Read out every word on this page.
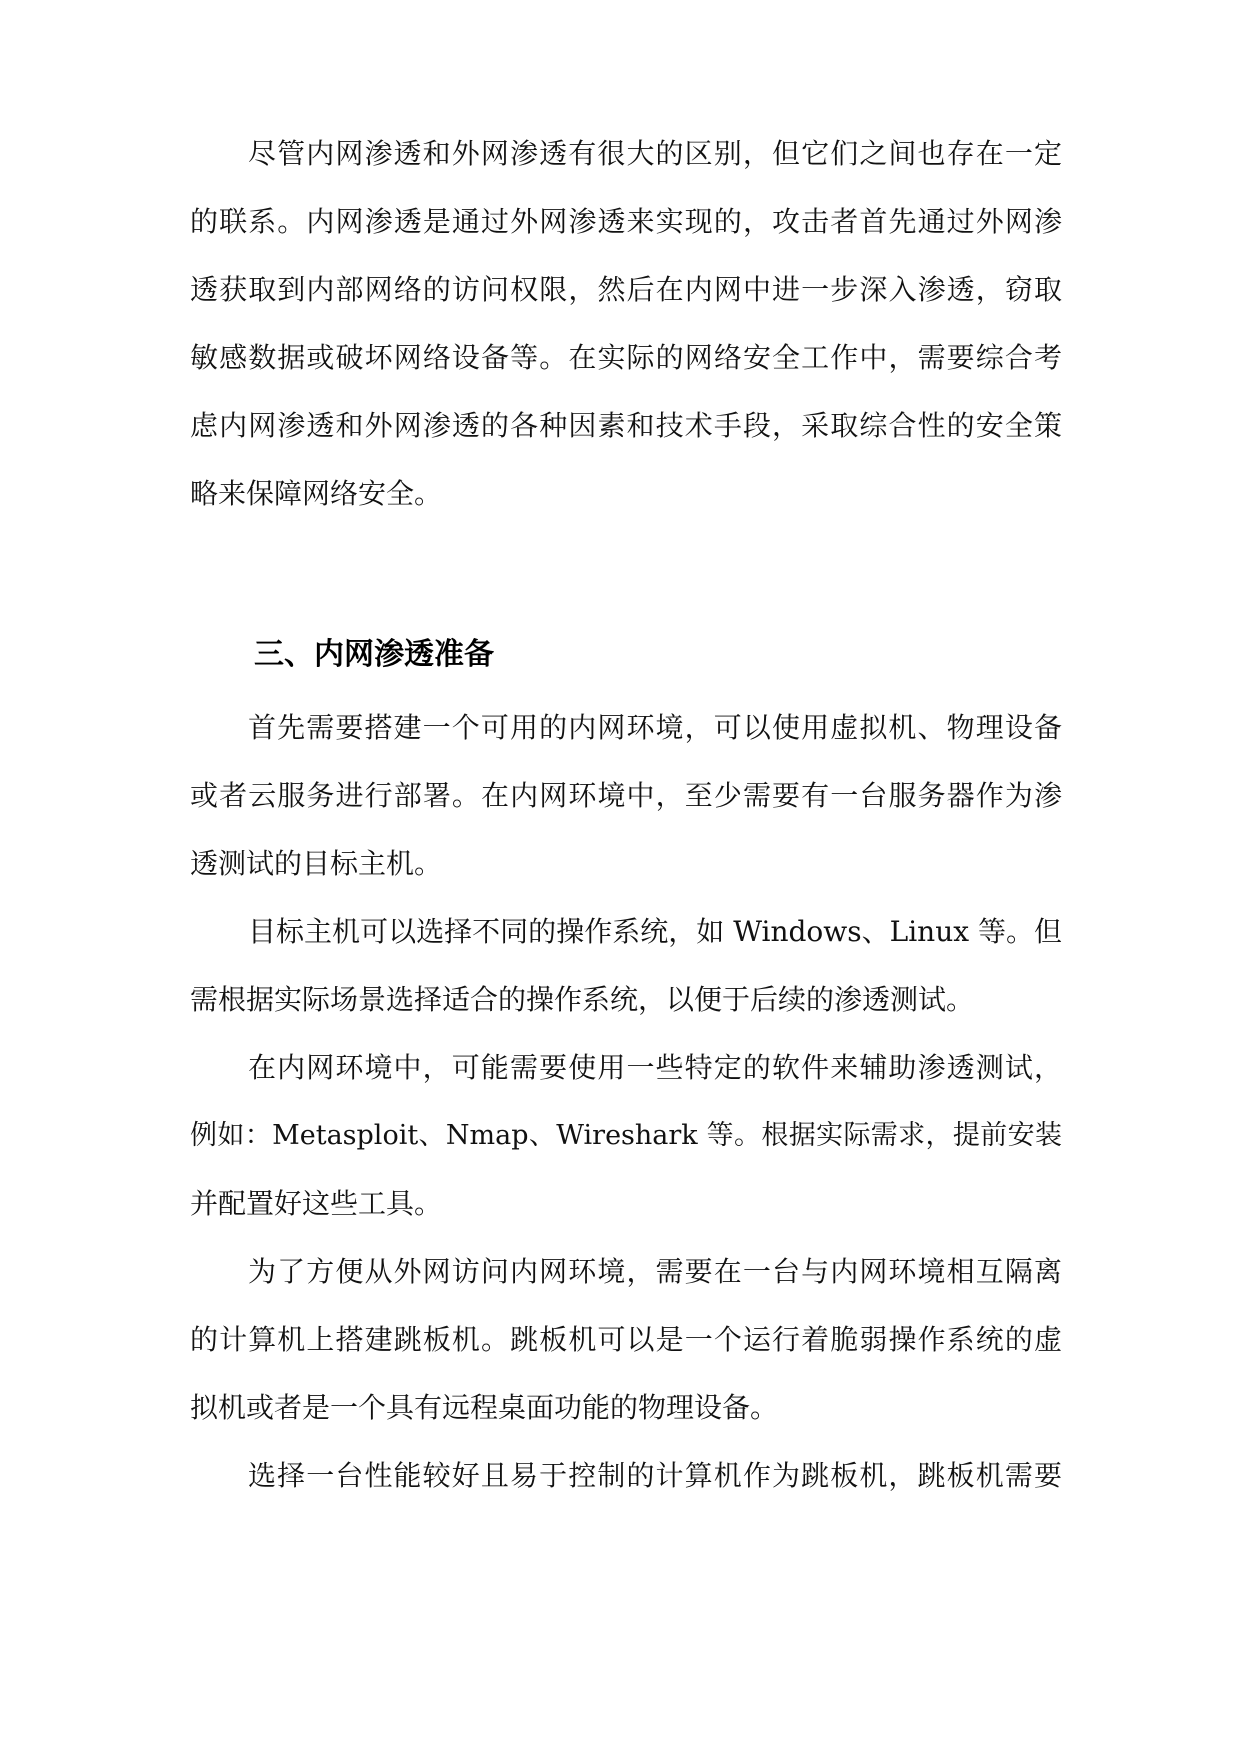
尽管内网渗透和外网渗透有很大的区别，但它们之间也存在一定
的联系。内网渗透是通过外网渗透来实现的，攻击者首先通过外网渗
透获取到内部网络的访问权限，然后在内网中进一步深入渗透，窃取
敏感数据或破坏网络设备等。在实际的网络安全工作中，需要综合考
虑内网渗透和外网渗透的各种因素和技术手段，采取综合性的安全策
略来保障网络安全。
三、内网渗透准备
首先需要搭建一个可用的内网环境，可以使用虚拟机、物理设备
或者云服务进行部署。在内网环境中，至少需要有一台服务器作为渗
透测试的目标主机。
目标主机可以选择不同的操作系统，如 Windows、Linux 等。但
需根据实际场景选择适合的操作系统，以便于后续的渗透测试。
在内网环境中，可能需要使用一些特定的软件来辅助渗透测试，
例如：Metasploit、Nmap、Wireshark 等。根据实际需求，提前安装
并配置好这些工具。
为了方便从外网访问内网环境，需要在一台与内网环境相互隔离
的计算机上搭建跳板机。跳板机可以是一个运行着脆弱操作系统的虚
拟机或者是一个具有远程桌面功能的物理设备。
选择一台性能较好且易于控制的计算机作为跳板机，跳板机需要
